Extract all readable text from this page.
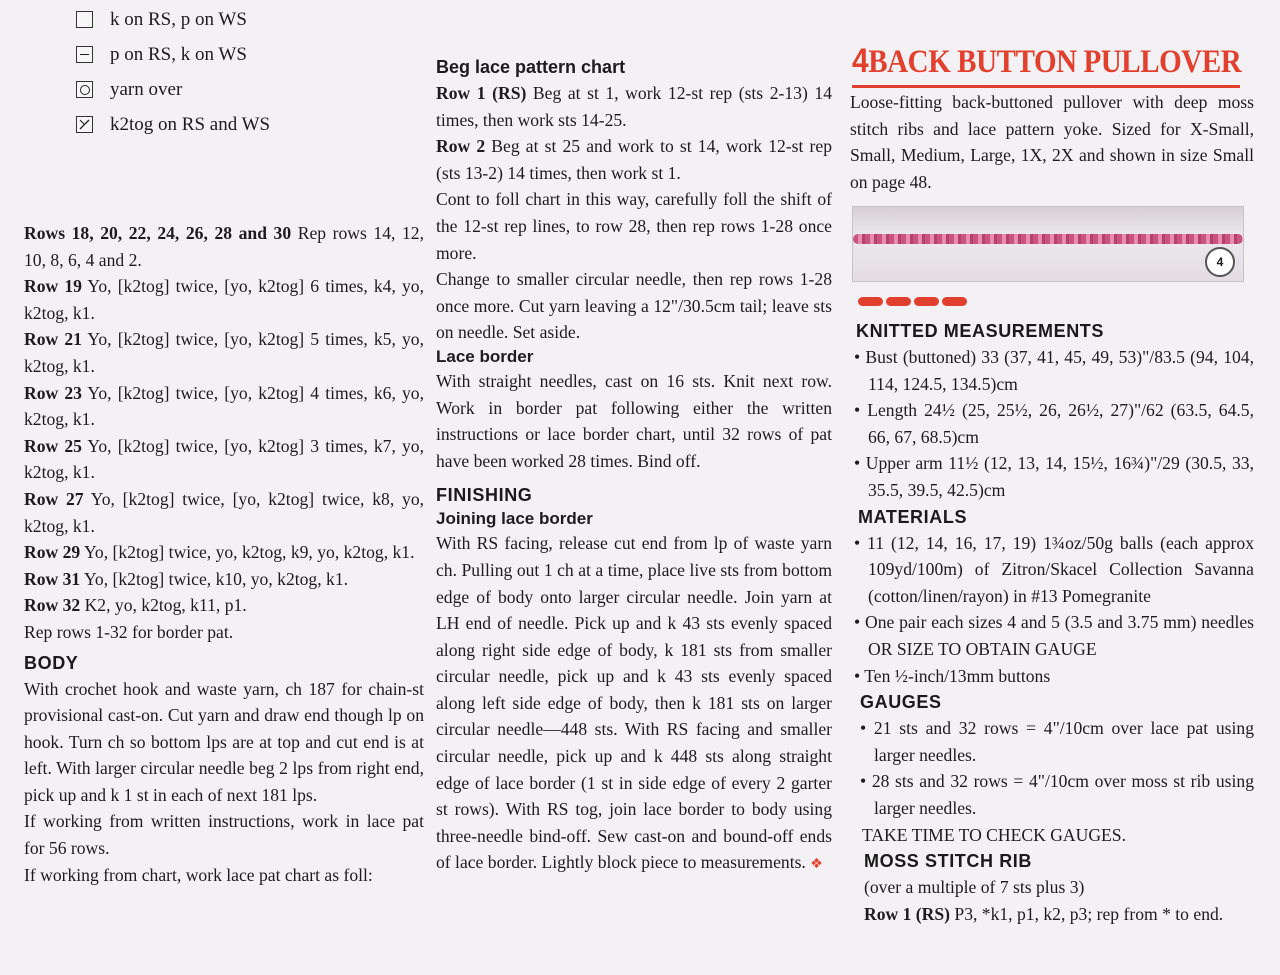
k on RS, p on WS
p on RS, k on WS
yarn over
k2tog on RS and WS

Rows 18, 20, 22, 24, 26, 28 and 30 Rep rows 14, 12, 10, 8, 6, 4 and 2.

Row 19 Yo, [k2tog] twice, [yo, k2tog] 6 times, k4, yo, k2tog, k1.

Row 21 Yo, [k2tog] twice, [yo, k2tog] 5 times, k5, yo, k2tog, k1.

Row 23 Yo, [k2tog] twice, [yo, k2tog] 4 times, k6, yo, k2tog, k1.

Row 25 Yo, [k2tog] twice, [yo, k2tog] 3 times, k7, yo, k2tog, k1.

Row 27 Yo, [k2tog] twice, [yo, k2tog] twice, k8, yo, k2tog, k1.

Row 29 Yo, [k2tog] twice, yo, k2tog, k9, yo, k2tog, k1.

Row 31 Yo, [k2tog] twice, k10, yo, k2tog, k1.

Row 32 K2, yo, k2tog, k11, p1.

Rep rows 1-32 for border pat.

BODY

With crochet hook and waste yarn, ch 187 for chain-st provisional cast-on. Cut yarn and draw end though lp on hook. Turn ch so bottom lps are at top and cut end is at left. With larger circular needle beg 2 lps from right end, pick up and k 1 st in each of next 181 lps.

If working from written instructions, work in lace pat for 56 rows.

If working from chart, work lace pat chart as foll:

Beg lace pattern chart

Row 1 (RS) Beg at st 1, work 12-st rep (sts 2-13) 14 times, then work sts 14-25.

Row 2 Beg at st 25 and work to st 14, work 12-st rep (sts 13-2) 14 times, then work st 1.

Cont to foll chart in this way, carefully foll the shift of the 12-st rep lines, to row 28, then rep rows 1-28 once more.

Change to smaller circular needle, then rep rows 1-28 once more. Cut yarn leaving a 12"/30.5cm tail; leave sts on needle. Set aside.

Lace border

With straight needles, cast on 16 sts. Knit next row. Work in border pat following either the written instructions or lace border chart, until 32 rows of pat have been worked 28 times. Bind off.

FINISHING
Joining lace border

With RS facing, release cut end from lp of waste yarn ch. Pulling out 1 ch at a time, place live sts from bottom edge of body onto larger circular needle. Join yarn at LH end of needle. Pick up and k 43 sts evenly spaced along right side edge of body, k 181 sts from smaller circular needle, pick up and k 43 sts evenly spaced along left side edge of body, then k 181 sts on larger circular needle—448 sts. With RS facing and smaller circular needle, pick up and k 448 sts along straight edge of lace border (1 st in side edge of every 2 garter st rows). With RS tog, join lace border to body using three-needle bind-off. Sew cast-on and bound-off ends of lace border. Lightly block piece to measurements. ❖

4BACK BUTTON PULLOVER

Loose-fitting back-buttoned pullover with deep moss stitch ribs and lace pattern yoke. Sized for X-Small, Small, Medium, Large, 1X, 2X and shown in size Small on page 48.

4
KNITTED MEASUREMENTS

• Bust (buttoned) 33 (37, 41, 45, 49, 53)"/83.5 (94, 104, 114, 124.5, 134.5)cm

• Length 24½ (25, 25½, 26, 26½, 27)"/62 (63.5, 64.5, 66, 67, 68.5)cm

• Upper arm 11½ (12, 13, 14, 15½, 16¾)"/29 (30.5, 33, 35.5, 39.5, 42.5)cm

MATERIALS

• 11 (12, 14, 16, 17, 19) 1¾oz/50g balls (each approx 109yd/100m) of Zitron/Skacel Collection Savanna (cotton/linen/rayon) in #13 Pomegranite

• One pair each sizes 4 and 5 (3.5 and 3.75 mm) needles OR SIZE TO OBTAIN GAUGE

• Ten ½-inch/13mm buttons

GAUGES

• 21 sts and 32 rows = 4"/10cm over lace pat using larger needles.

• 28 sts and 32 rows = 4"/10cm over moss st rib using larger needles.

TAKE TIME TO CHECK GAUGES.

MOSS STITCH RIB

(over a multiple of 7 sts plus 3)

Row 1 (RS) P3, *k1, p1, k2, p3; rep from * to end.
